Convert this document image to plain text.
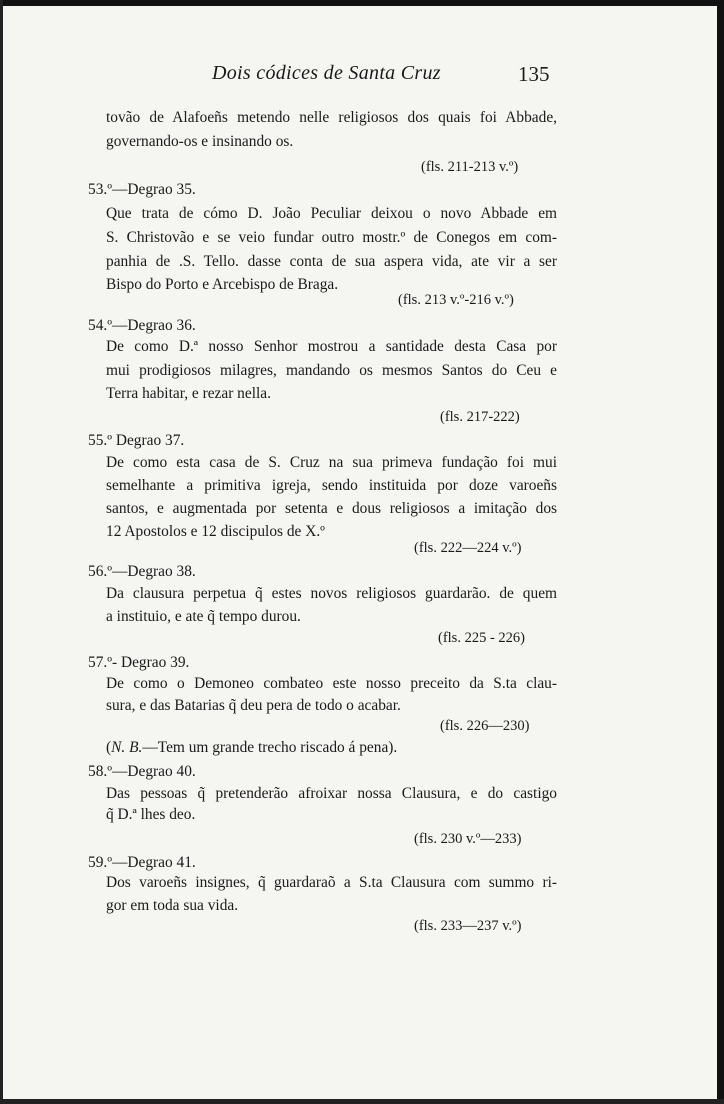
Dois códices de Santa Cruz	135
tovão de Alafoeñs metendo nelle religiosos dos quais foi Abbade,
governando-os e insinando os.
(fls. 211-213 v.º)
53.º—Degrao 35.
Que trata de cómo D. João Peculiar deixou o novo Abbade em
S. Christovão e se veio fundar outro mostr.º de Conegos em com-
panhia de .S. Tello. dasse conta de sua aspera vida, ate vir a ser
Bispo do Porto e Arcebispo de Braga.
(fls. 213 v.º-216 v.º)
54.º—Degrao 36.
De como D.ª nosso Senhor mostrou a santidade desta Casa por
mui prodigiosos milagres, mandando os mesmos Santos do Ceu e
Terra habitar, e rezar nella.
(fls. 217-222)
55.º Degrao 37.
De como esta casa de S. Cruz na sua primeva fundação foi mui
semelhante a primitiva igreja, sendo instituida por doze varoeñs
santos, e augmentada por setenta e dous religiosos a imitação dos
12 Apostolos e 12 discipulos de X.º
(fls. 222—224 v.º)
56.º—Degrao 38.
Da clausura perpetua q̃ estes novos religiosos guardarão. de quem
a instituio, e ate q̃ tempo durou.
(fls. 225 - 226)
57.º- Degrao 39.
De como o Demoneo combateo este nosso preceito da S.ta clau-
sura, e das Batarias q̃ deu pera de todo o acabar.
(fls. 226—230)
(N. B.—Tem um grande trecho riscado á pena).
58.º—Degrao 40.
Das pessoas q̃ pretenderão afroixar nossa Clausura, e do castigo
q̃ D.ª lhes deo.
(fls. 230 v.º—233)
59.º—Degrao 41.
Dos varoeñs insignes, q̃ guardaraõ a S.ta Clausura com summo ri-
gor em toda sua vida.
(fls. 233—237 v.º)
